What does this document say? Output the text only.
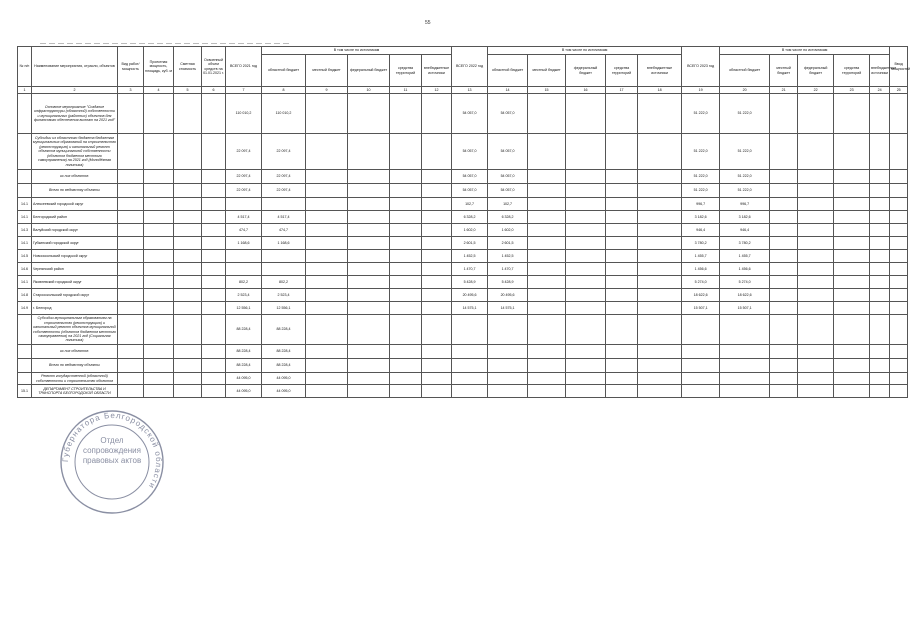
55
№ п/п	Наименование мероприятия, отрасли, объектов	Вид работ/ мощность	Проектная мощность, площадь, куб. м	Сметная стоимость	Освоенный объем средств на 01.01.2021 г.	ВСЕГО 2021 год	В том числе по источникам					ВСЕГО 2022 год	В том числе по источникам					ВСЕГО 2023 год	В том числе по источникам					Ввод мощностей
							областной бюджет	местный бюджет	федеральный бюджет	средства территорий	внебюджетные источники		областной бюджет	местный бюджет	федеральный бюджет	средства территорий	внебюджетные источники		областной бюджет	местный бюджет	федеральный бюджет	средства территорий	внебюджетные источники	
1	2	3	4	5	6	7	8	9	10	11	12	13	14	15	16	17	18	19	20	21	22	23	24	25
	Основное мероприятие "Создание инфраструктуры (областной) собственности и муниципальных (районных) объектов для финансового обеспечения выплат на 2021 год"					110 010,2	110 010,2					54 057,0	54 057,0					51 222,0	51 222,0					
	Субсидии из областного бюджета бюджетам муниципальных образований на строительство (реконструкцию) и капитальный ремонт объектов муниципальной собственности (объектов бюджетов местного самоуправления) на 2021 год (Молодёжная политика)					22 097,4	22 097,4					54 057,0	54 057,0					51 222,0	51 222,0					
	из них объектов:					22 097,4	22 097,4					54 057,0	54 057,0					51 222,0	51 222,0					
	Всего по ведомству объекты					22 097,4	22 097,4					54 057,0	54 057,0					51 222,0	51 222,0					
14.1	Алексеевский городской округ											102,7	102,7					996,7	996,7					
14.1	Белгородский район					4 517,4	4 517,4					6 328,2	6 328,2					3 182,6	3 182,6					
14.3	Валуйский городской округ					474,7	474,7					1 602,0	1 602,0					946,4	946,4					
14.1	Губкинский городской округ					1 168,6	1 168,6					2 601,5	2 601,5					3 780,2	3 780,2					
14.5	Новооскольский городской округ											1 452,5	1 452,5					1 455,7	1 455,7					
14.6	Чернянский район											1 470,7	1 470,7					1 456,6	1 456,6					
14.1	Яковлевский городской округ					802,2	802,2					5 428,9	5 428,9					5 274,0	5 274,0					
14.8	Старооскольский городской округ					2 523,4	2 523,4					20 495,6	20 495,6					18 622,6	18 622,6					
14.9	г. Белгород					12 556,1	12 556,1					14 575,1	14 575,1					15 507,1	15 507,1					
	Субсидии муниципальным образованиям на строительство (реконструкцию) и капитальный ремонт объектов муниципальной собственности (объектов бюджетов местного самоуправления) на 2021 год (Социальная политика)					88 228,4	88 228,4																	
	из них объектов:					88 228,4	88 228,4																	
	Всего по ведомству объекты					88 228,4	88 228,4																	
	Ремонт государственной (областной) собственности и строительство объектов					44 095,0	44 095,0																	
15.1	ДЕПАРТАМЕНТ СТРОИТЕЛЬСТВА И ТРАНСПОРТА БЕЛГОРОДСКОЙ ОБЛАСТИ					44 095,0	44 095,0																	
Губернатора Белгородской области
Отдел сопровождения правовых актов
